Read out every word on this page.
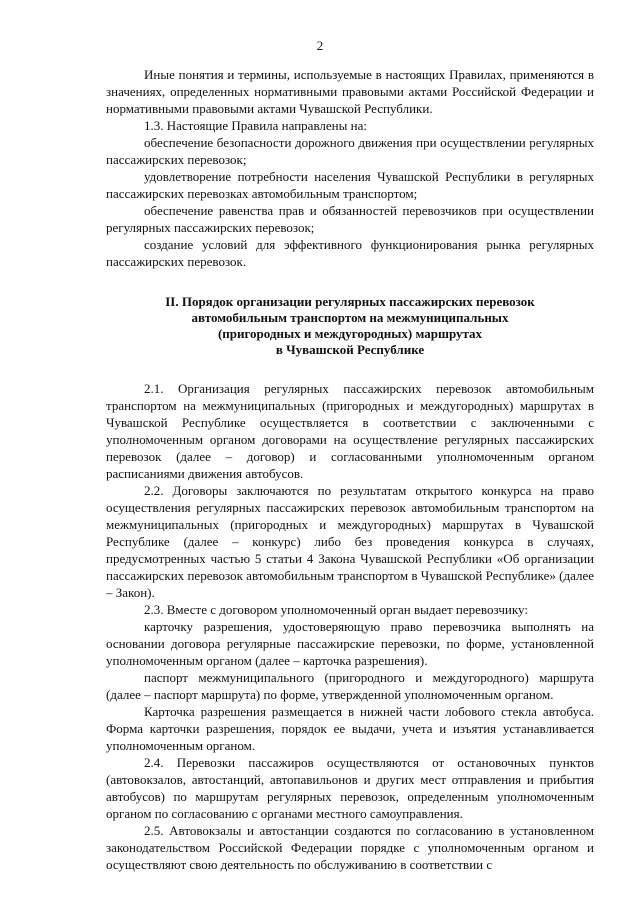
2

Иные понятия и термины, используемые в настоящих Правилах, применяются в значениях, определенных нормативными правовыми актами Российской Федерации и нормативными правовыми актами Чувашской Республики.

1.3. Настоящие Правила направлены на:

обеспечение безопасности дорожного движения при осуществлении регулярных пассажирских перевозок;

удовлетворение потребности населения Чувашской Республики в регулярных пассажирских перевозках автомобильным транспортом;

обеспечение равенства прав и обязанностей перевозчиков при осуществлении регулярных пассажирских перевозок;

создание условий для эффективного функционирования рынка регулярных пассажирских перевозок.

II. Порядок организации регулярных пассажирских перевозок
автомобильным транспортом на межмуниципальных
(пригородных и междугородных) маршрутах
в Чувашской Республике

2.1. Организация регулярных пассажирских перевозок автомобильным транспортом на межмуниципальных (пригородных и междугородных) маршрутах в Чувашской Республике осуществляется в соответствии с заключенными с уполномоченным органом договорами на осуществление регулярных пассажирских перевозок (далее – договор) и согласованными уполномоченным органом расписаниями движения автобусов.

2.2. Договоры заключаются по результатам открытого конкурса на право осуществления регулярных пассажирских перевозок автомобильным транспортом на межмуниципальных (пригородных и междугородных) маршрутах в Чувашской Республике (далее – конкурс) либо без проведения конкурса в случаях, предусмотренных частью 5 статьи 4 Закона Чувашской Республики «Об организации пассажирских перевозок автомобильным транспортом в Чувашской Республике» (далее – Закон).

2.3. Вместе с договором уполномоченный орган выдает перевозчику:

карточку разрешения, удостоверяющую право перевозчика выполнять на основании договора регулярные пассажирские перевозки, по форме, установленной уполномоченным органом (далее – карточка разрешения).

паспорт межмуниципального (пригородного и междугородного) маршрута (далее – паспорт маршрута) по форме, утвержденной уполномоченным органом.

Карточка разрешения размещается в нижней части лобового стекла автобуса. Форма карточки разрешения, порядок ее выдачи, учета и изъятия устанавливается уполномоченным органом.

2.4. Перевозки пассажиров осуществляются от остановочных пунктов (автовокзалов, автостанций, автопавильонов и других мест отправления и прибытия автобусов) по маршрутам регулярных перевозок, определенным уполномоченным органом по согласованию с органами местного самоуправления.

2.5. Автовокзалы и автостанции создаются по согласованию в установленном законодательством Российской Федерации порядке с уполномоченным органом и осуществляют свою деятельность по обслуживанию в соответствии с
